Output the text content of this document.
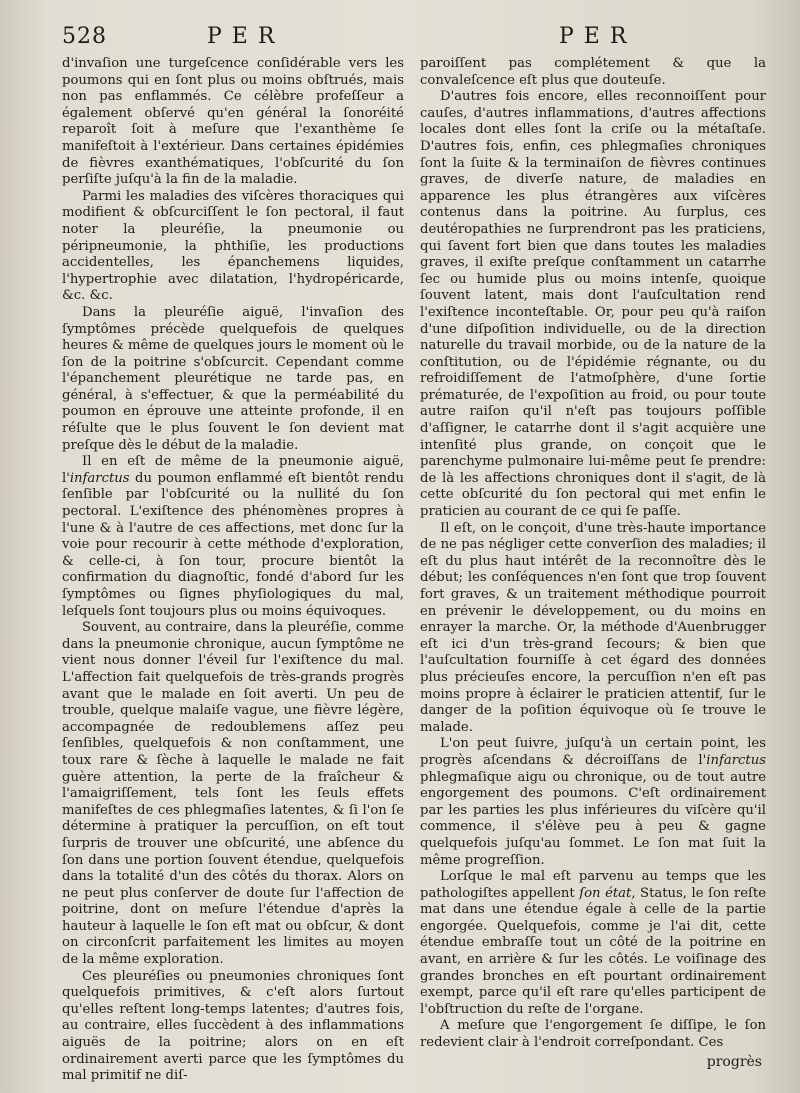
528	PER	PER

d'invaſion une turgeſcence conſidérable vers les poumons qui en ſont plus ou moins obſtrués, mais non pas enflammés. Ce célèbre profeſſeur a également obſervé qu'en général la ſonoréité reparoît ſoit à meſure que l'exanthème ſe manifeſtoit à l'extérieur. Dans certaines épidémies de fièvres exanthématiques, l'obſcurité du ſon perſiſte juſqu'à la fin de la maladie.

Parmi les maladies des viſcères thoraciques qui modifient & obſcurciſſent le ſon pectoral, il faut noter la pleuréſie, la pneumonie ou péripneumonie, la phthiſie, les productions accidentelles, les épanchemens liquides, l'hypertrophie avec dilatation, l'hydropéricarde, &c. &c.

Dans la pleuréſie aiguë, l'invaſion des ſymptômes précède quelquefois de quelques heures & même de quelques jours le moment où le ſon de la poitrine s'obſcurcit. Cependant comme l'épanchement pleurétique ne tarde pas, en général, à s'effectuer, & que la perméabilité du poumon en éprouve une atteinte profonde, il en réſulte que le plus ſouvent le ſon devient mat preſque dès le début de la maladie.

Il en eſt de même de la pneumonie aiguë, l'infarctus du poumon enflammé eſt bientôt rendu ſenſible par l'obſcurité ou la nullité du ſon pectoral. L'exiſtence des phénomènes propres à l'une & à l'autre de ces affections, met donc ſur la voie pour recourir à cette méthode d'exploration, & celle-ci, à ſon tour, procure bientôt la confirmation du diagnoſtic, fondé d'abord ſur les ſymptômes ou ſignes phyſiologiques du mal, leſquels ſont toujours plus ou moins équivoques.

Souvent, au contraire, dans la pleuréſie, comme dans la pneumonie chronique, aucun ſymptôme ne vient nous donner l'éveil ſur l'exiſtence du mal. L'affection fait quelquefois de très-grands progrès avant que le malade en ſoit averti. Un peu de trouble, quelque malaiſe vague, une fièvre légère, accompagnée de redoublemens aſſez peu ſenſibles, quelquefois & non conſtamment, une toux rare & ſèche à laquelle le malade ne fait guère attention, la perte de la fraîcheur & l'amaigriſſement, tels ſont les ſeuls effets manifeſtes de ces phlegmaſies latentes, & ſi l'on ſe détermine à pratiquer la percuſſion, on eſt tout ſurpris de trouver une obſcurité, une abſence du ſon dans une portion ſouvent étendue, quelquefois dans la totalité d'un des côtés du thorax. Alors on ne peut plus conſerver de doute ſur l'affection de poitrine, dont on meſure l'étendue d'après la hauteur à laquelle le ſon eſt mat ou obſcur, & dont on circonſcrit parfaitement les limites au moyen de la même exploration.

Ces pleuréſies ou pneumonies chroniques ſont quelquefois primitives, & c'eſt alors ſurtout qu'elles reſtent long-temps latentes; d'autres fois, au contraire, elles ſuccèdent à des inflammations aiguës de la poitrine; alors on en eſt ordinairement averti parce que les ſymptômes du mal primitif ne diſ-

paroiſſent pas complétement & que la convaleſcence eſt plus que douteuſe.

D'autres fois encore, elles reconnoiſſent pour cauſes, d'autres inflammations, d'autres affections locales dont elles ſont la criſe ou la métaſtaſe. D'autres fois, enfin, ces phlegmaſies chroniques ſont la ſuite & la terminaiſon de fièvres continues graves, de diverſe nature, de maladies en apparence les plus étrangères aux viſcères contenus dans la poitrine. Au ſurplus, ces deutéropathies ne ſurprendront pas les praticiens, qui ſavent fort bien que dans toutes les maladies graves, il exiſte preſque conſtamment un catarrhe ſec ou humide plus ou moins intenſe, quoique ſouvent latent, mais dont l'auſcultation rend l'exiſtence inconteſtable. Or, pour peu qu'à raiſon d'une diſpoſition individuelle, ou de la direction naturelle du travail morbide, ou de la nature de la conſtitution, ou de l'épidémie régnante, ou du refroidiſſement de l'atmoſphère, d'une ſortie prématurée, de l'expoſition au froid, ou pour toute autre raiſon qu'il n'eſt pas toujours poſſible d'aſſigner, le catarrhe dont il s'agit acquière une intenſité plus grande, on conçoit que le parenchyme pulmonaire lui-même peut ſe prendre: de là les affections chroniques dont il s'agit, de là cette obſcurité du ſon pectoral qui met enfin le praticien au courant de ce qui ſe paſſe.

Il eſt, on le conçoit, d'une très-haute importance de ne pas négliger cette converſion des maladies; il eſt du plus haut intérêt de la reconnoître dès le début; les conſéquences n'en ſont que trop ſouvent fort graves, & un traitement méthodique pourroit en prévenir le développement, ou du moins en enrayer la marche. Or, la méthode d'Auenbrugger eſt ici d'un très-grand ſecours; & bien que l'auſcultation fourniſſe à cet égard des données plus précieuſes encore, la percuſſion n'en eſt pas moins propre à éclairer le praticien attentif, ſur le danger de la poſition équivoque où ſe trouve le malade.

L'on peut ſuivre, juſqu'à un certain point, les progrès aſcendans & décroiſſans de l'infarctus phlegmaſique aigu ou chronique, ou de tout autre engorgement des poumons. C'eſt ordinairement par les parties les plus inférieures du viſcère qu'il commence, il s'élève peu à peu & gagne quelquefois juſqu'au ſommet. Le ſon mat ſuit la même progreſſion.

Lorſque le mal eſt parvenu au temps que les pathologiſtes appellent ſon état, Status, le ſon reſte mat dans une étendue égale à celle de la partie engorgée. Quelquefois, comme je l'ai dit, cette étendue embraſſe tout un côté de la poitrine en avant, en arrière & ſur les côtés. Le voiſinage des grandes bronches en eſt pourtant ordinairement exempt, parce qu'il eſt rare qu'elles participent de l'obſtruction du reſte de l'organe.

A meſure que l'engorgement ſe diſſipe, le ſon redevient clair à l'endroit correſpondant. Ces

progrès
